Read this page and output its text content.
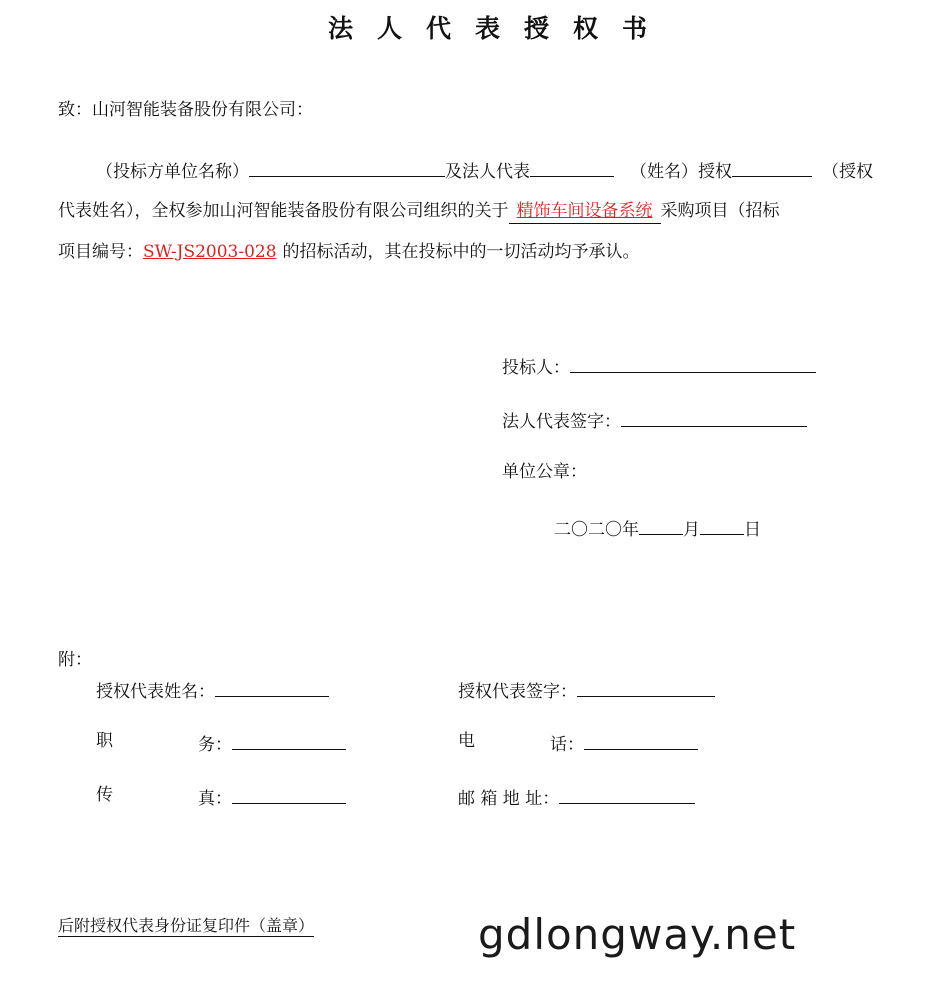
法人代表授权书
致：山河智能装备股份有限公司：
（投标方单位名称）	及法人代表	（姓名）授权	（授权
代表姓名），全权参加山河智能装备股份有限公司组织的关于 精饰车间设备系统 采购项目（招标
项目编号：SW-JS2003-028 的招标活动，其在投标中的一切活动均予承认。
投标人：
法人代表签字：
单位公章：
二〇二〇年	月	日
附：
授权代表姓名：	授权代表签字：
职	务：	电	话：
传	真：	邮 箱 地 址：
后附授权代表身份证复印件（盖章）	gdlongway.net
